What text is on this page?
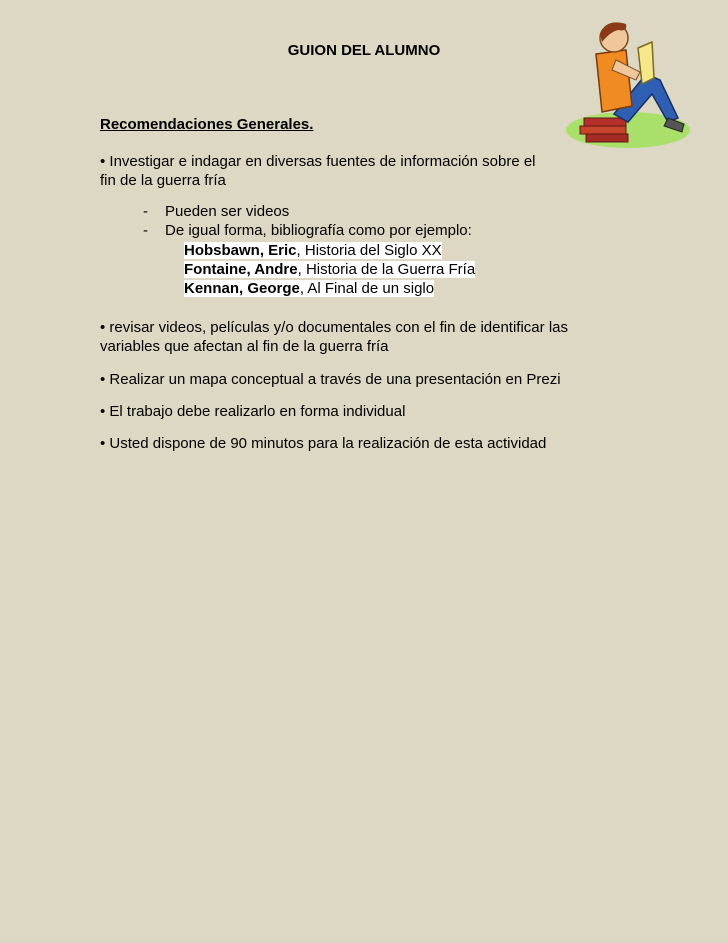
GUION DEL ALUMNO
Recomendaciones Generales.
• Investigar e indagar en diversas fuentes de información sobre el fin de la guerra fría
- Pueden ser videos
- De igual forma, bibliografía como por ejemplo:
Hobsbawn, Eric, Historia del Siglo XX
Fontaine, Andre, Historia de la Guerra Fría
Kennan, George, Al Final de un siglo
• revisar videos, películas y/o documentales con el fin de identificar las variables que afectan al fin de la guerra fría
• Realizar un mapa conceptual a través de una presentación en Prezi
• El trabajo debe realizarlo en forma individual
• Usted dispone de 90 minutos para la realización de esta actividad
